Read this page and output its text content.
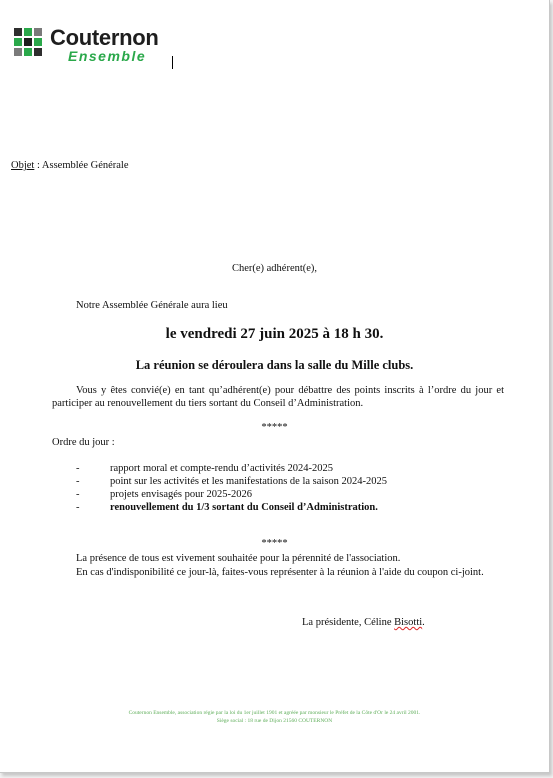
Couternon
Ensemble
Objet : Assemblée Générale
Cher(e) adhérent(e),
Notre Assemblée Générale aura lieu
le vendredi 27 juin 2025 à 18 h 30.
La réunion se déroulera dans la salle du Mille clubs.
Vous y êtes convié(e) en tant qu’adhérent(e) pour débattre des points inscrits à l’ordre du jour et participer au renouvellement du tiers sortant du Conseil d’Administration.
*****
Ordre du jour :
-	rapport moral et compte-rendu d’activités 2024-2025
-	point sur les activités et les manifestations de la saison 2024-2025
-	projets envisagés pour 2025-2026
-	renouvellement du 1/3 sortant du Conseil d’Administration.
*****
La présence de tous est vivement souhaitée pour la pérennité de l'association.
En cas d'indisponibilité ce jour-là, faites-vous représenter à la réunion à l'aide du coupon ci-joint.
La présidente, Céline Bisotti.
Couternon Ensemble, association régie par la loi du 1er juillet 1901 et agréée par monsieur le Préfet de la Côte d'Or le 24 avril 2001.
Siège social : 18 rue de Dijon 21560 COUTERNON
